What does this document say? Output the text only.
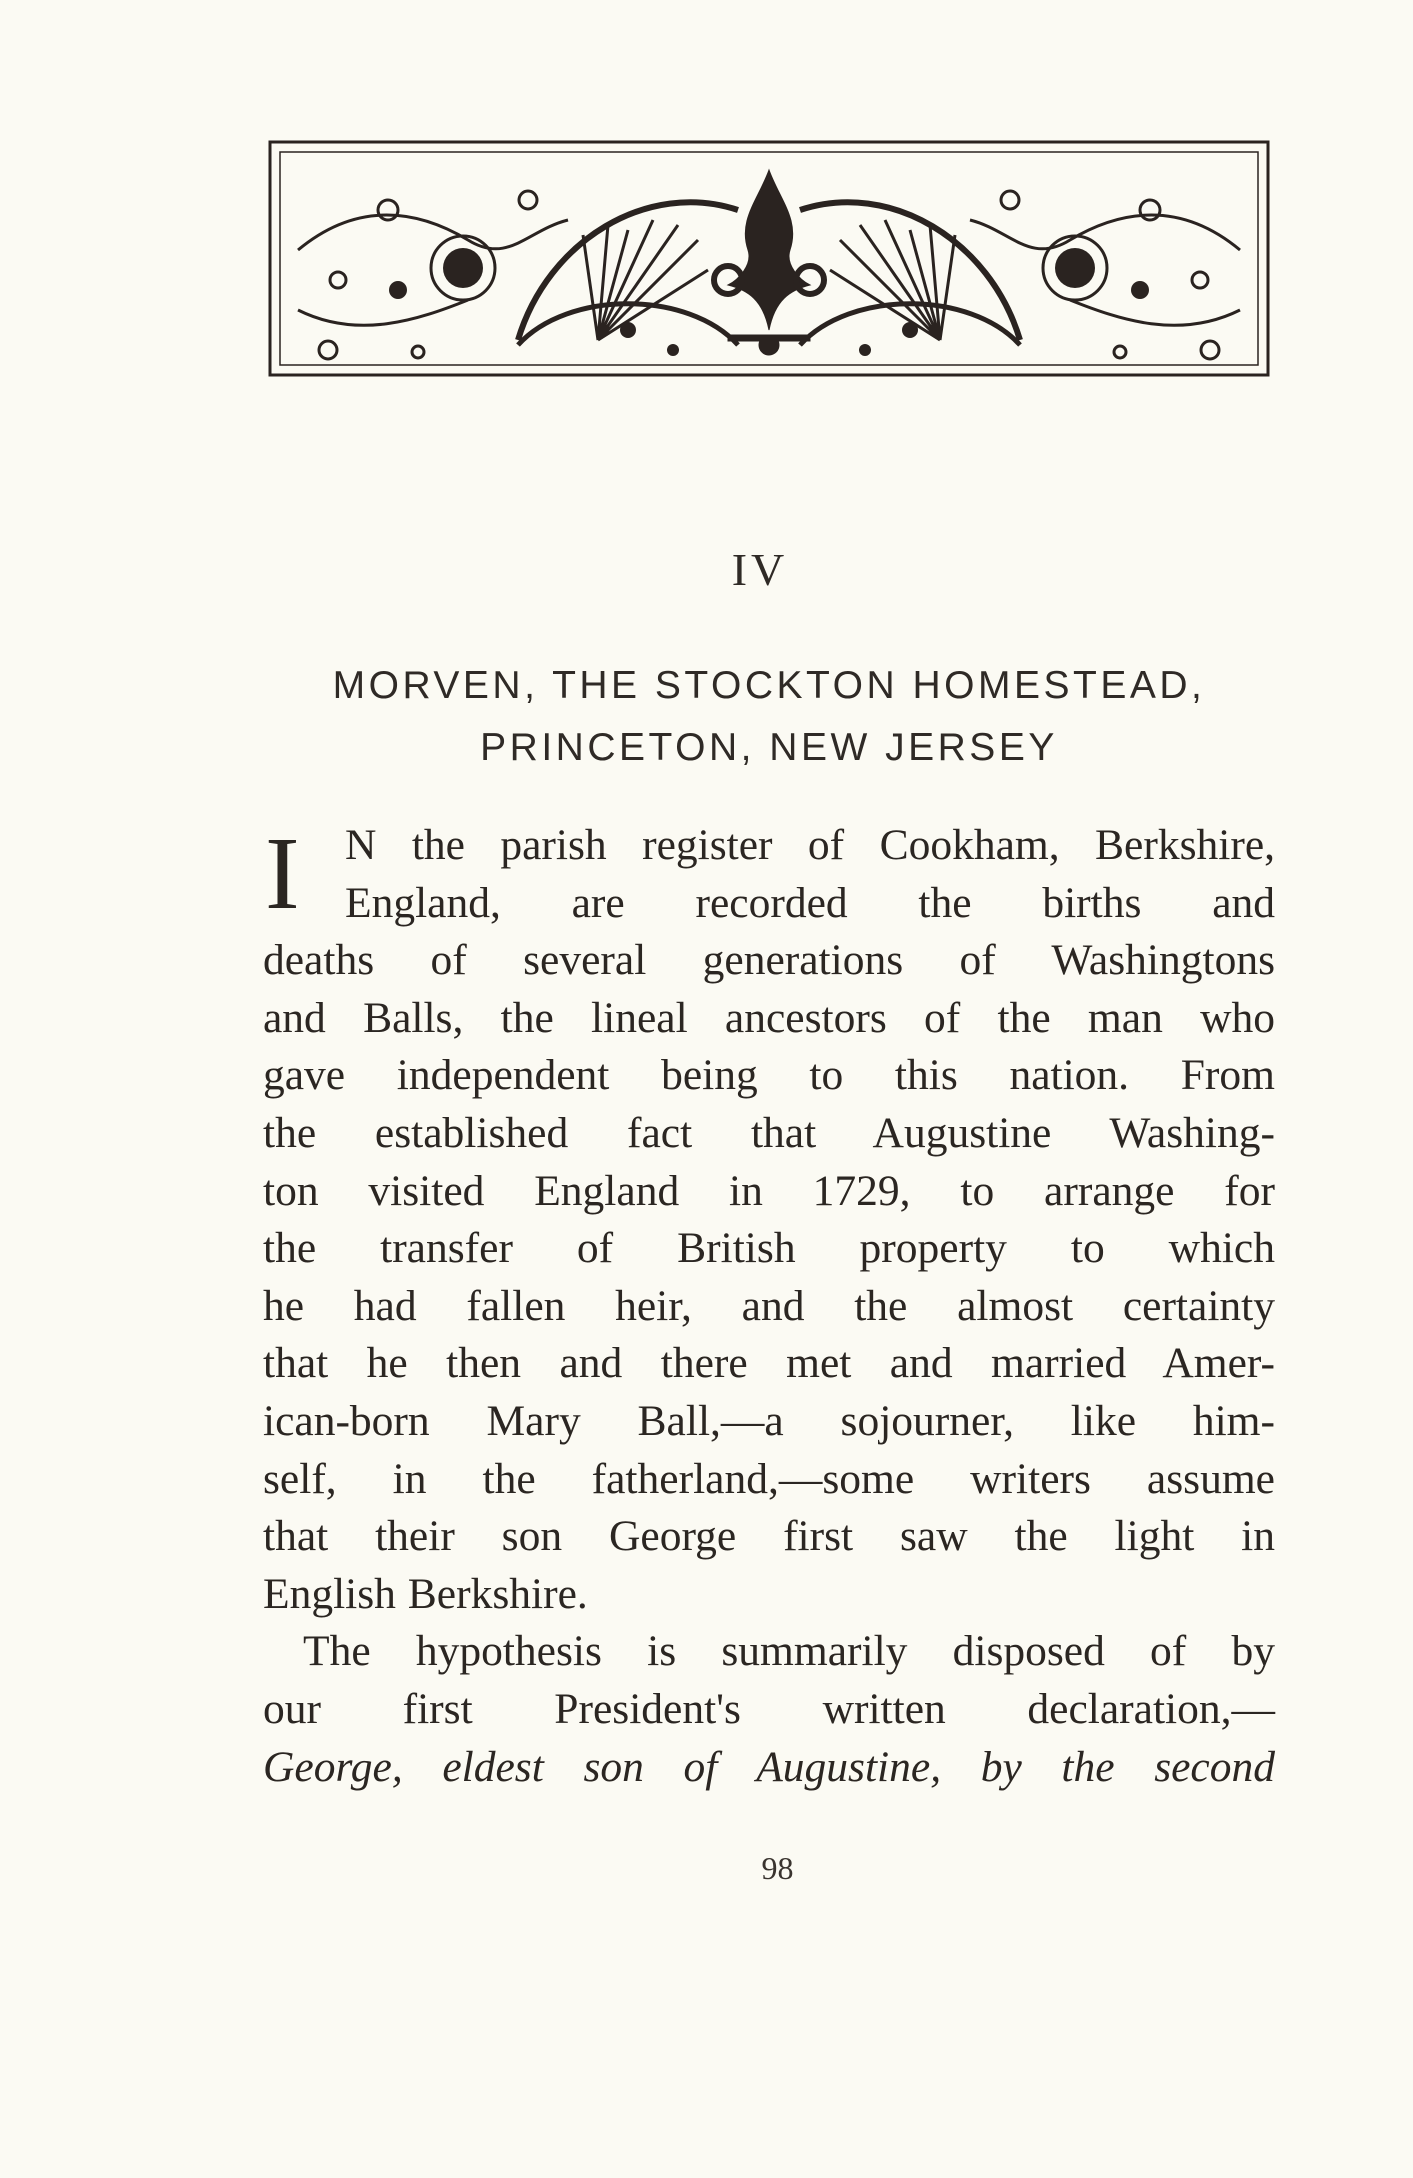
IV
MORVEN, THE STOCKTON HOMESTEAD,
PRINCETON, NEW JERSEY
I	N the parish register of Cookham, Berkshire,
England, are recorded the births and
deaths of several generations of Washingtons
and Balls, the lineal ancestors of the man who
gave independent being to this nation. From
the established fact that Augustine Washing-
ton visited England in 1729, to arrange for
the transfer of British property to which
he had fallen heir, and the almost certainty
that he then and there met and married Amer-
ican-born Mary Ball,—a sojourner, like him-
self, in the fatherland,—some writers assume
that their son George first saw the light in
English Berkshire.
The hypothesis is summarily disposed of by
our first President's written declaration,—
George, eldest son of Augustine, by the second
98
